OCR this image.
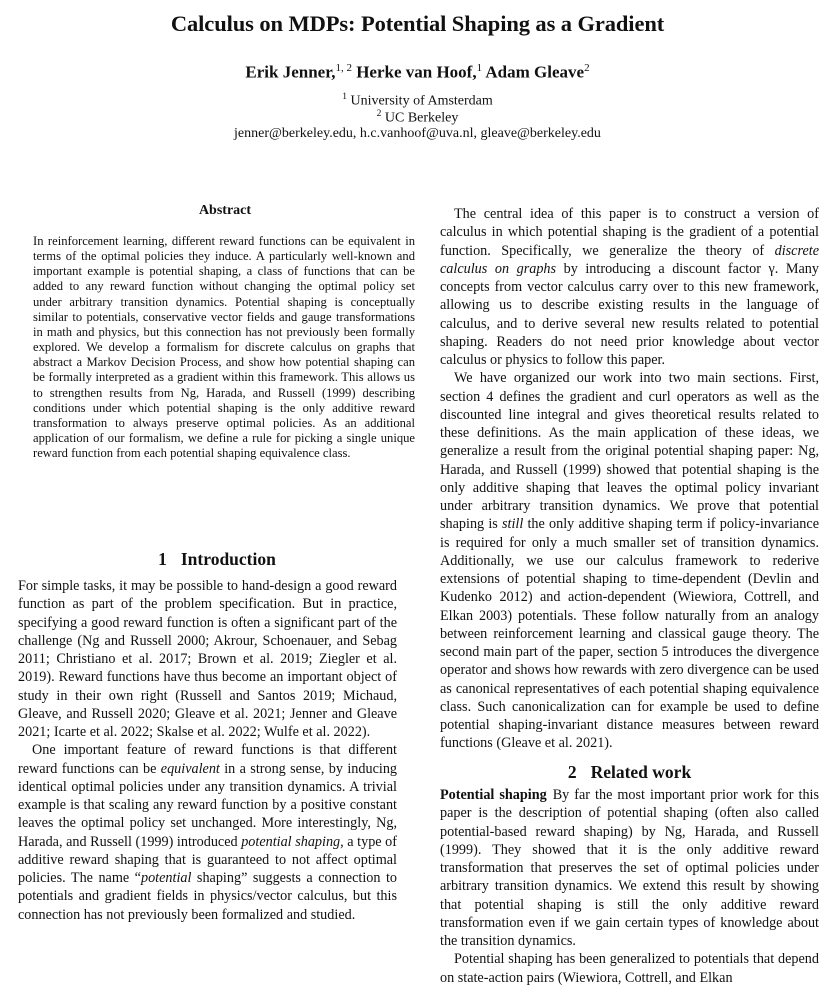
Calculus on MDPs: Potential Shaping as a Gradient
Erik Jenner,$^{1, 2}$ Herke van Hoof,$^1$ Adam Gleave$^2$
$^1$ University of Amsterdam
$^2$ UC Berkeley
jenner@berkeley.edu, h.c.vanhoof@uva.nl, gleave@berkeley.edu
Abstract
In reinforcement learning, different reward functions can be equivalent in terms of the optimal policies they induce. A particularly well-known and important example is potential shaping, a class of functions that can be added to any reward function without changing the optimal policy set under arbitrary transition dynamics. Potential shaping is conceptually similar to potentials, conservative vector fields and gauge transformations in math and physics, but this connection has not previously been formally explored. We develop a formalism for discrete calculus on graphs that abstract a Markov Decision Process, and show how potential shaping can be formally interpreted as a gradient within this framework. This allows us to strengthen results from Ng, Harada, and Russell (1999) describing conditions under which potential shaping is the only additive reward transformation to always preserve optimal policies. As an additional application of our formalism, we define a rule for picking a single unique reward function from each potential shaping equivalence class.
1 Introduction

For simple tasks, it may be possible to hand-design a good reward function as part of the problem specification. But in practice, specifying a good reward function is often a significant part of the challenge (Ng and Russell 2000; Akrour, Schoenauer, and Sebag 2011; Christiano et al. 2017; Brown et al. 2019; Ziegler et al. 2019). Reward functions have thus become an important object of study in their own right (Russell and Santos 2019; Michaud, Gleave, and Russell 2020; Gleave et al. 2021; Jenner and Gleave 2021; Icarte et al. 2022; Skalse et al. 2022; Wulfe et al. 2022).

One important feature of reward functions is that different reward functions can be equivalent in a strong sense, by inducing identical optimal policies under any transition dynamics. A trivial example is that scaling any reward function by a positive constant leaves the optimal policy set unchanged. More interestingly, Ng, Harada, and Russell (1999) introduced potential shaping, a type of additive reward shaping that is guaranteed to not affect optimal policies. The name “potential shaping” suggests a connection to potentials and gradient fields in physics/vector calculus, but this connection has not previously been formalized and studied.

The central idea of this paper is to construct a version of calculus in which potential shaping is the gradient of a potential function. Specifically, we generalize the theory of discrete calculus on graphs by introducing a discount factor γ. Many concepts from vector calculus carry over to this new framework, allowing us to describe existing results in the language of calculus, and to derive several new results related to potential shaping. Readers do not need prior knowledge about vector calculus or physics to follow this paper.

We have organized our work into two main sections. First, section 4 defines the gradient and curl operators as well as the discounted line integral and gives theoretical results related to these definitions. As the main application of these ideas, we generalize a result from the original potential shaping paper: Ng, Harada, and Russell (1999) showed that potential shaping is the only additive shaping that leaves the optimal policy invariant under arbitrary transition dynamics. We prove that potential shaping is still the only additive shaping term if policy-invariance is required for only a much smaller set of transition dynamics. Additionally, we use our calculus framework to rederive extensions of potential shaping to time-dependent (Devlin and Kudenko 2012) and action-dependent (Wiewiora, Cottrell, and Elkan 2003) potentials. These follow naturally from an analogy between reinforcement learning and classical gauge theory. The second main part of the paper, section 5 introduces the divergence operator and shows how rewards with zero divergence can be used as canonical representatives of each potential shaping equivalence class. Such canonicalization can for example be used to define potential shaping-invariant distance measures between reward functions (Gleave et al. 2021).

2 Related work

Potential shaping By far the most important prior work for this paper is the description of potential shaping (often also called potential-based reward shaping) by Ng, Harada, and Russell (1999). They showed that it is the only additive reward transformation that preserves the set of optimal policies under arbitrary transition dynamics. We extend this result by showing that potential shaping is still the only additive reward transformation even if we gain certain types of knowledge about the transition dynamics.

Potential shaping has been generalized to potentials that depend on state-action pairs (Wiewiora, Cottrell, and Elkan
